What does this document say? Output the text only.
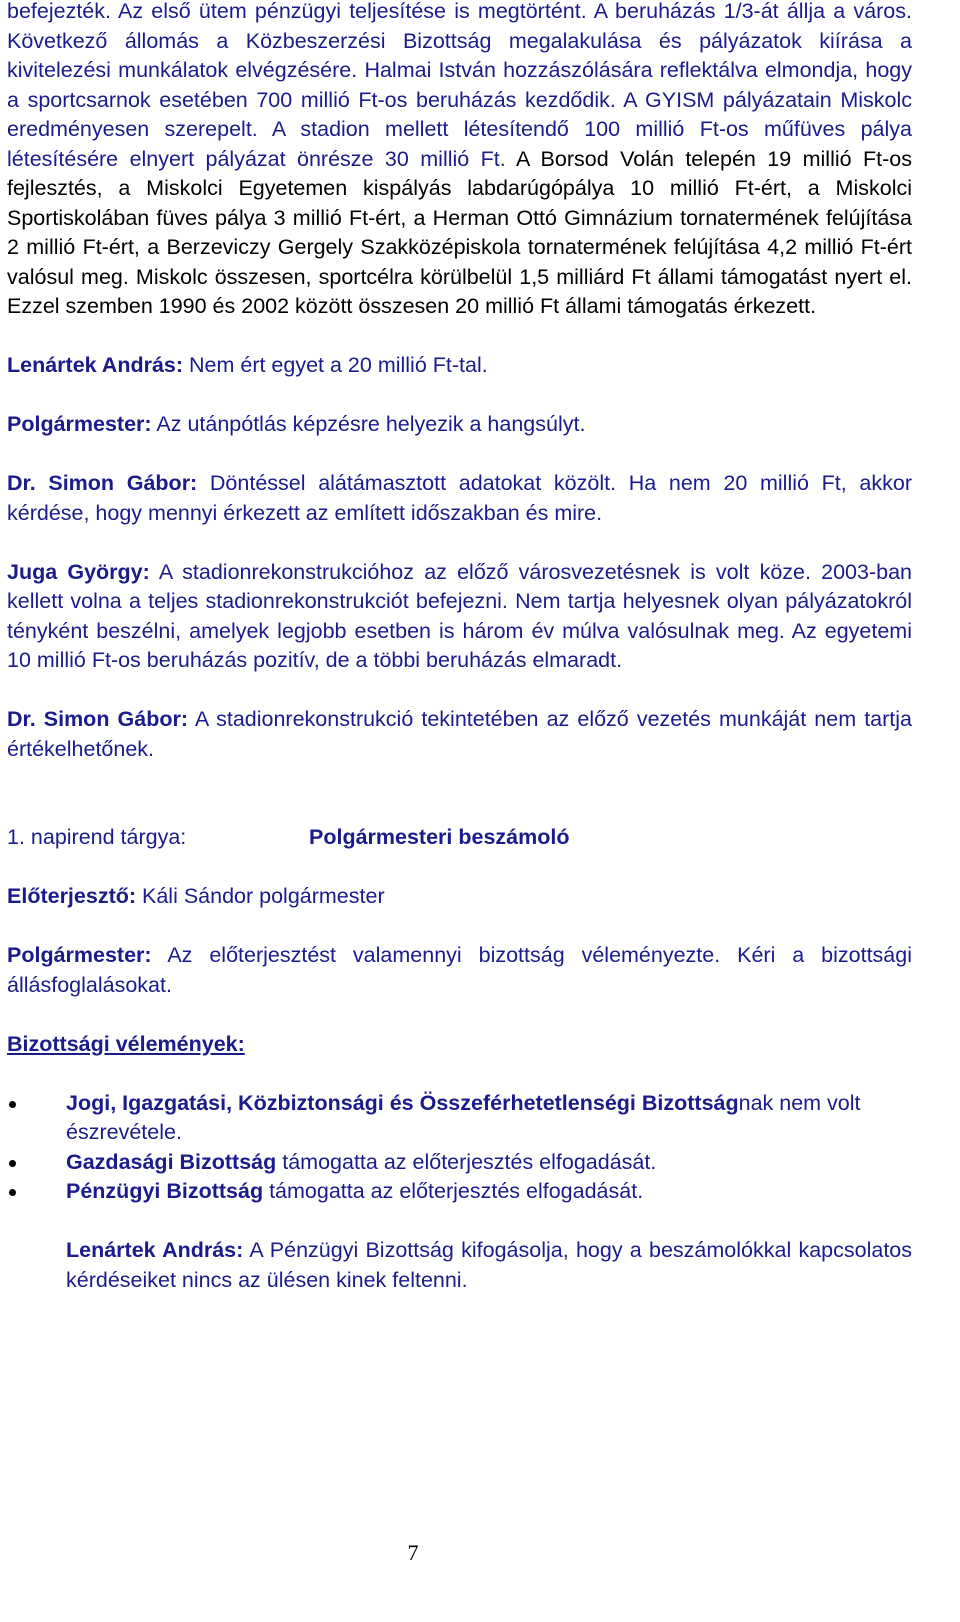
befejezték. Az első ütem pénzügyi teljesítése is megtörtént. A beruházás 1/3-át állja a város. Következő állomás a Közbeszerzési Bizottság megalakulása és pályázatok kiírása a kivitelezési munkálatok elvégzésére. Halmai István hozzászólására reflektálva elmondja, hogy a sportcsarnok esetében 700 millió Ft-os beruházás kezdődik. A GYISM pályázatain Miskolc eredményesen szerepelt. A stadion mellett létesítendő 100 millió Ft-os műfüves pálya létesítésére elnyert pályázat önrésze 30 millió Ft. A Borsod Volán telepén 19 millió Ft-os fejlesztés, a Miskolci Egyetemen kispályás labdarúgópálya 10 millió Ft-ért, a Miskolci Sportiskolában füves pálya 3 millió Ft-ért, a Herman Ottó Gimnázium tornatermének felújítása 2 millió Ft-ért, a Berzeviczy Gergely Szakközépiskola tornatermének felújítása 4,2 millió Ft-ért valósul meg. Miskolc összesen, sportcélra körülbelül 1,5 milliárd Ft állami támogatást nyert el. Ezzel szemben 1990 és 2002 között összesen 20 millió Ft állami támogatás érkezett.

Lenártek András: Nem ért egyet a 20 millió Ft-tal.

Polgármester: Az utánpótlás képzésre helyezik a hangsúlyt.

Dr. Simon Gábor: Döntéssel alátámasztott adatokat közölt. Ha nem 20 millió Ft, akkor kérdése, hogy mennyi érkezett az említett időszakban és mire.

Juga György: A stadionrekonstrukcióhoz az előző városvezetésnek is volt köze. 2003-ban kellett volna a teljes stadionrekonstrukciót befejezni. Nem tartja helyesnek olyan pályázatokról tényként beszélni, amelyek legjobb esetben is három év múlva valósulnak meg. Az egyetemi 10 millió Ft-os beruházás pozitív, de a többi beruházás elmaradt.

Dr. Simon Gábor: A stadionrekonstrukció tekintetében az előző vezetés munkáját nem tartja értékelhetőnek.

1. napirend tárgya:	Polgármesteri beszámoló

Előterjesztő: Káli Sándor polgármester

Polgármester: Az előterjesztést valamennyi bizottság véleményezte. Kéri a bizottsági állásfoglalásokat.

Bizottsági vélemények:

Jogi, Igazgatási, Közbiztonsági és Összeférhetetlenségi Bizottságnak nem volt észrevétele.
Gazdasági Bizottság támogatta az előterjesztés elfogadását.
Pénzügyi Bizottság támogatta az előterjesztés elfogadását.

Lenártek András: A Pénzügyi Bizottság kifogásolja, hogy a beszámolókkal kapcsolatos kérdéseiket nincs az ülésen kinek feltenni.

7
